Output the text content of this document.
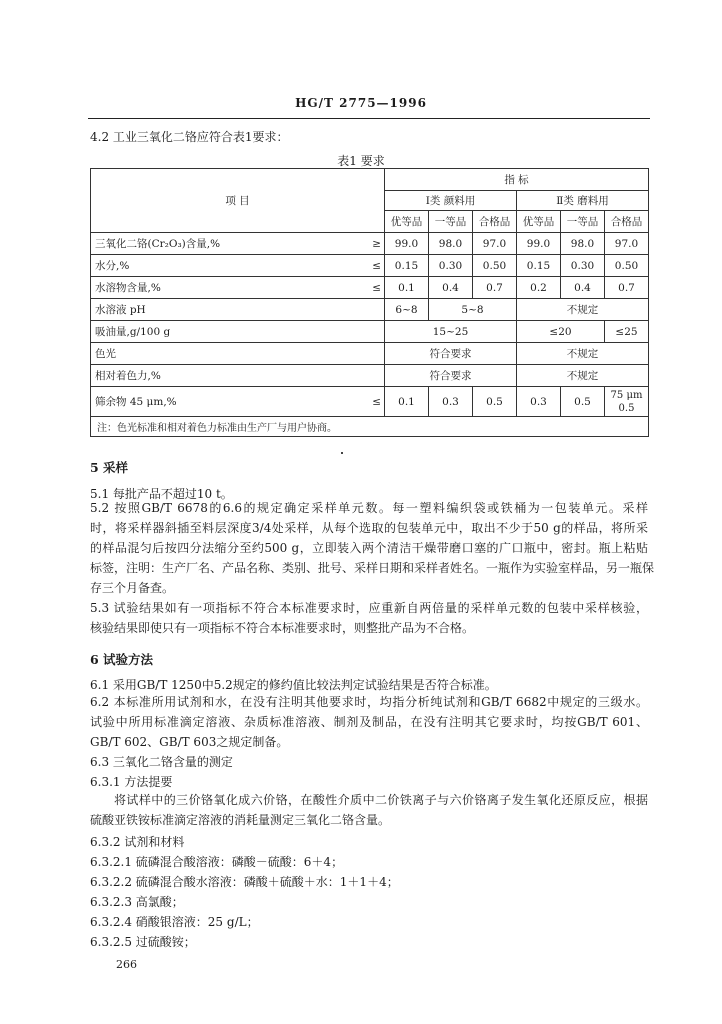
HG/T 2775—1996
4.2 工业三氧化二铬应符合表1要求：
表1 要求
项 目		指 标					
		Ⅰ类 颜料用			Ⅱ类 磨料用		
		优等品	一等品	合格品	优等品	一等品	合格品
三氧化二铬(Cr₂O₃)含量,%	≥	99.0	98.0	97.0	99.0	98.0	97.0
水分,%	≤	0.15	0.30	0.50	0.15	0.30	0.50
水溶物含量,%	≤	0.1	0.4	0.7	0.2	0.4	0.7
水溶液 pH		6~8	5~8		不规定		
吸油量,g/100 g		15~25			≤20		≤25
色光		符合要求			不规定		
相对着色力,%		符合要求			不规定		
筛余物 45 μm,%	≤	0.1	0.3	0.5	0.3	0.5	75 μm
0.5

注：色光标准和相对着色力标准由生产厂与用户协商。							
5 采样
5.1 每批产品不超过10 t。
5.2 按照GB/T 6678的6.6的规定确定采样单元数。每一塑料编织袋或铁桶为一包装单元。采样
时，将采样器斜插至料层深度3/4处采样，从每个选取的包装单元中，取出不少于50 g的样品，将所采
的样品混匀后按四分法缩分至约500 g，立即装入两个清洁干燥带磨口塞的广口瓶中，密封。瓶上粘贴
标签，注明：生产厂名、产品名称、类别、批号、采样日期和采样者姓名。一瓶作为实验室样品，另一瓶保
存三个月备查。
5.3 试验结果如有一项指标不符合本标准要求时，应重新自两倍量的采样单元数的包装中采样核验，
核验结果即使只有一项指标不符合本标准要求时，则整批产品为不合格。
6 试验方法
6.1 采用GB/T 1250中5.2规定的修约值比较法判定试验结果是否符合标准。
6.2 本标准所用试剂和水，在没有注明其他要求时，均指分析纯试剂和GB/T 6682中规定的三级水。
试验中所用标准滴定溶液、杂质标准溶液、制剂及制品，在没有注明其它要求时，均按GB/T 601、
GB/T 602、GB/T 603之规定制备。
6.3 三氧化二铬含量的测定
6.3.1 方法提要
将试样中的三价铬氧化成六价铬，在酸性介质中二价铁离子与六价铬离子发生氧化还原反应，根据
硫酸亚铁铵标准滴定溶液的消耗量测定三氧化二铬含量。
6.3.2 试剂和材料
6.3.2.1 硫磷混合酸溶液：磷酸－硫酸：6＋4；
6.3.2.2 硫磷混合酸水溶液：磷酸＋硫酸＋水：1＋1＋4；
6.3.2.3 高氯酸；
6.3.2.4 硝酸银溶液：25 g/L；
6.3.2.5 过硫酸铵；
266
